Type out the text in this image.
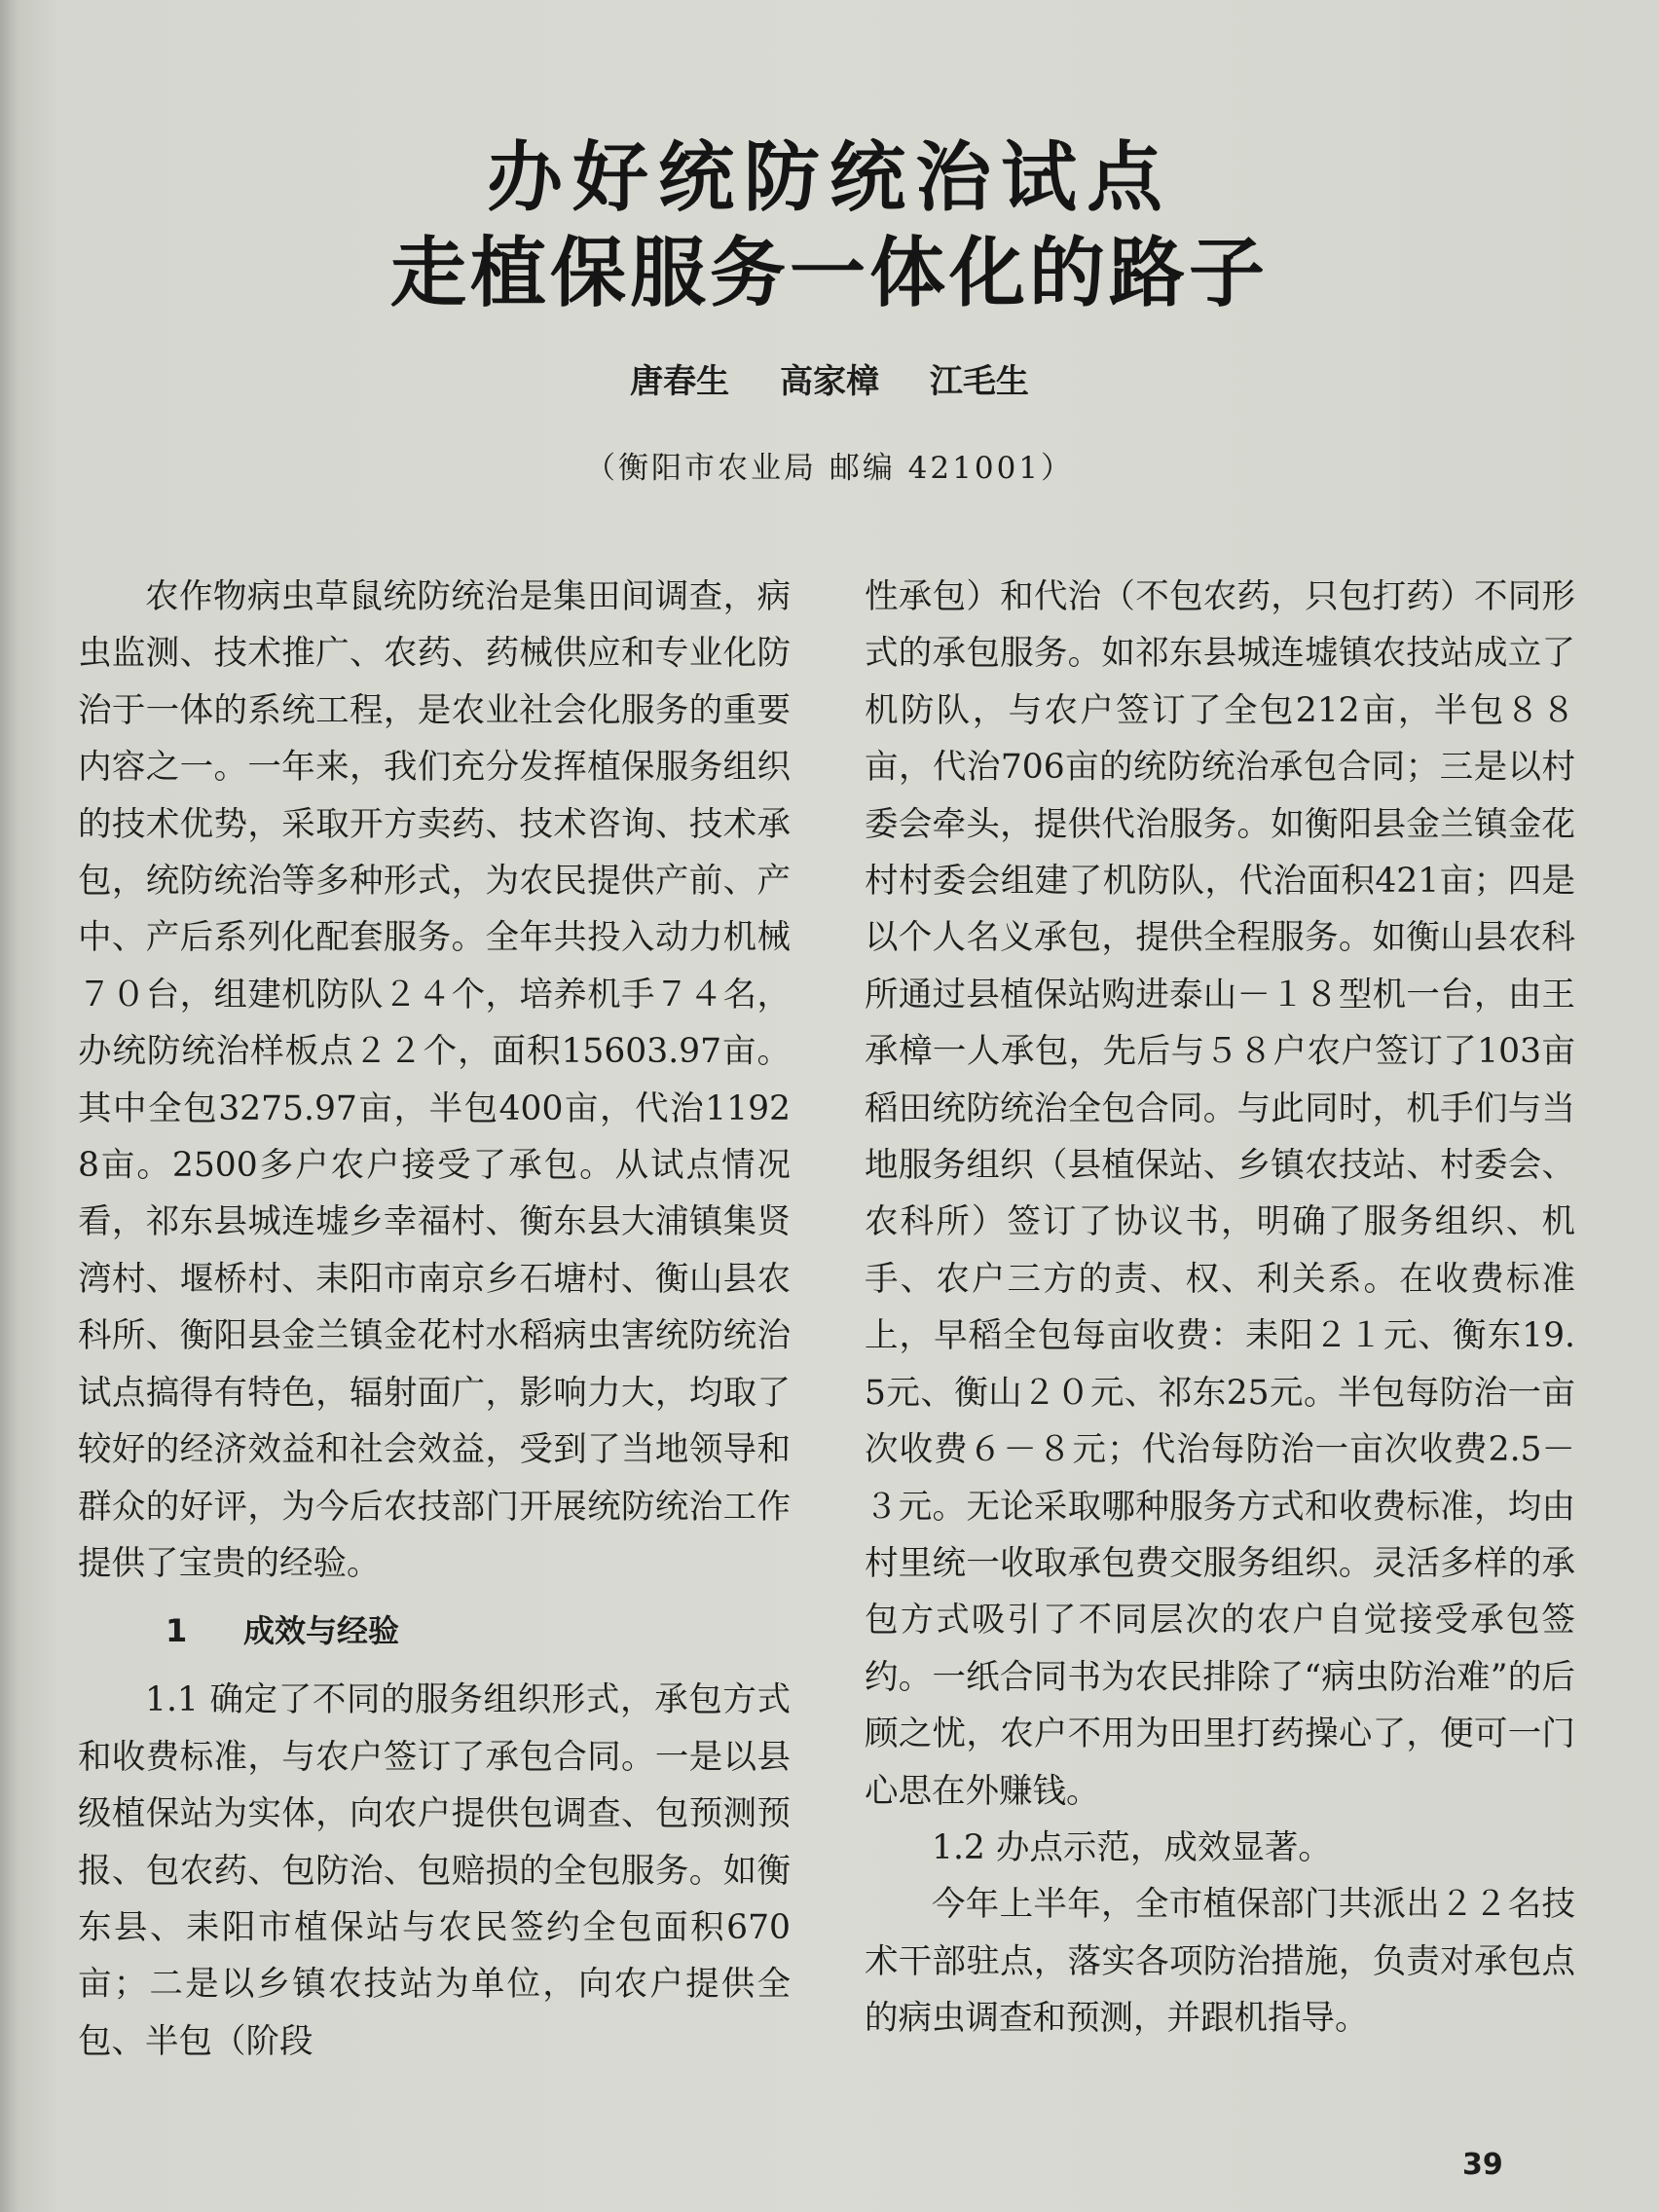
办好统防统治试点
走植保服务一体化的路子
唐春生 高家樟 江毛生
（衡阳市农业局 邮编 421001）

农作物病虫草鼠统防统治是集田间调查，病虫监测、技术推广、农药、药械供应和专业化防治于一体的系统工程，是农业社会化服务的重要内容之一。一年来，我们充分发挥植保服务组织的技术优势，采取开方卖药、技术咨询、技术承包，统防统治等多种形式，为农民提供产前、产中、产后系列化配套服务。全年共投入动力机械７０台，组建机防队２４个，培养机手７４名，办统防统治样板点２２个，面积15603.97亩。其中全包3275.97亩，半包400亩，代治11928亩。2500多户农户接受了承包。从试点情况看，祁东县城连墟乡幸福村、衡东县大浦镇集贤湾村、堰桥村、耒阳市南京乡石塘村、衡山县农科所、衡阳县金兰镇金花村水稻病虫害统防统治试点搞得有特色，辐射面广，影响力大，均取了较好的经济效益和社会效益，受到了当地领导和群众的好评，为今后农技部门开展统防统治工作提供了宝贵的经验。

1 成效与经验

1.1 确定了不同的服务组织形式，承包方式和收费标准，与农户签订了承包合同。一是以县级植保站为实体，向农户提供包调查、包预测预报、包农药、包防治、包赔损的全包服务。如衡东县、耒阳市植保站与农民签约全包面积670亩；二是以乡镇农技站为单位，向农户提供全包、半包（阶段

性承包）和代治（不包农药，只包打药）不同形式的承包服务。如祁东县城连墟镇农技站成立了机防队，与农户签订了全包212亩，半包８８亩，代治706亩的统防统治承包合同；三是以村委会牵头，提供代治服务。如衡阳县金兰镇金花村村委会组建了机防队，代治面积421亩；四是以个人名义承包，提供全程服务。如衡山县农科所通过县植保站购进泰山－１８型机一台，由王承樟一人承包，先后与５８户农户签订了103亩稻田统防统治全包合同。与此同时，机手们与当地服务组织（县植保站、乡镇农技站、村委会、农科所）签订了协议书，明确了服务组织、机手、农户三方的责、权、利关系。在收费标准上，早稻全包每亩收费：耒阳２１元、衡东19.5元、衡山２０元、祁东25元。半包每防治一亩次收费６－８元；代治每防治一亩次收费2.5－３元。无论采取哪种服务方式和收费标准，均由村里统一收取承包费交服务组织。灵活多样的承包方式吸引了不同层次的农户自觉接受承包签约。一纸合同书为农民排除了“病虫防治难”的后顾之忧，农户不用为田里打药操心了，便可一门心思在外赚钱。

1.2 办点示范，成效显著。

今年上半年，全市植保部门共派出２２名技术干部驻点，落实各项防治措施，负责对承包点的病虫调查和预测，并跟机指导。

39
